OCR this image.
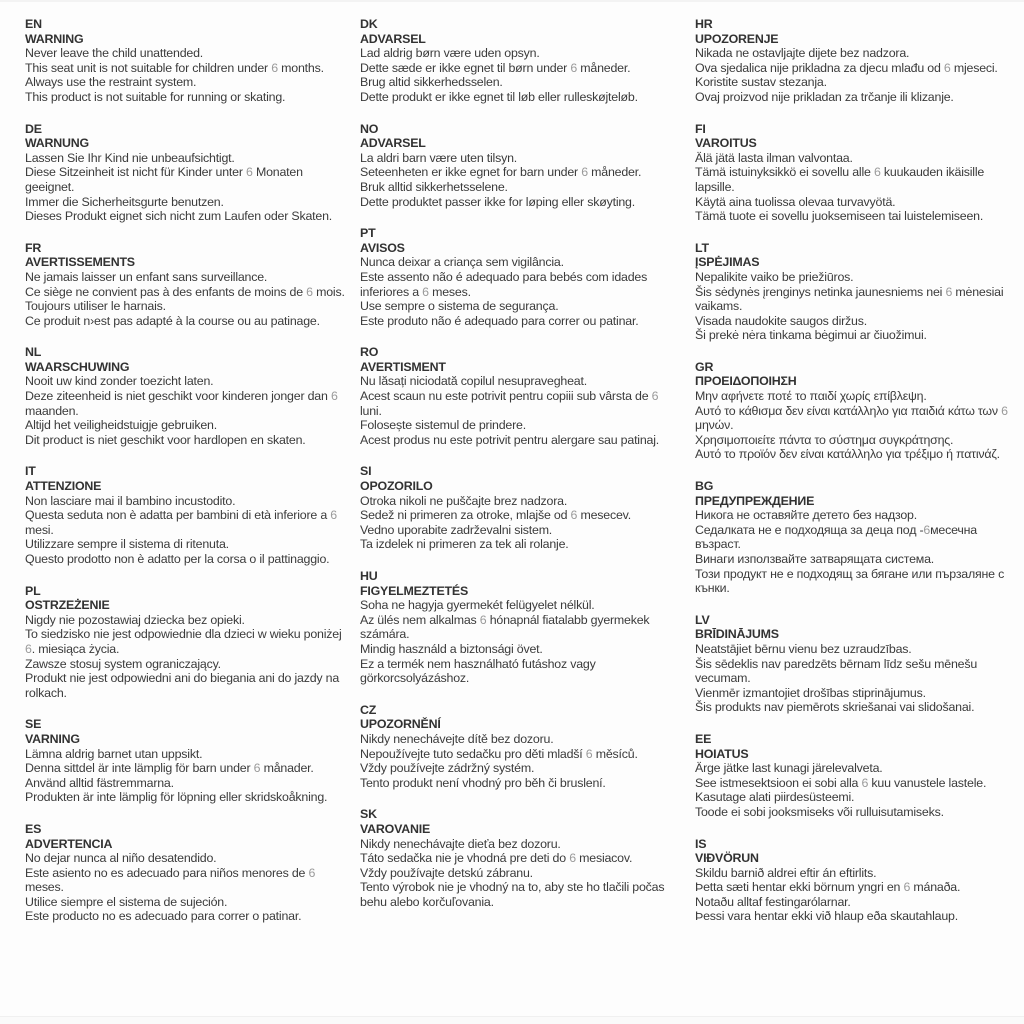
EN

WARNING

Never leave the child unattended.

This seat unit is not suitable for children under 6 months.

Always use the restraint system.

This product is not suitable for running or skating.

DE

WARNUNG

Lassen Sie Ihr Kind nie unbeaufsichtigt.

Diese Sitzeinheit ist nicht für Kinder unter 6 Monaten geeignet.

Immer die Sicherheitsgurte benutzen.

Dieses Produkt eignet sich nicht zum Laufen oder Skaten.

FR

AVERTISSEMENTS

Ne jamais laisser un enfant sans surveillance.

Ce siège ne convient pas à des enfants de moins de 6 mois.

Toujours utiliser le harnais.

Ce produit n›est pas adapté à la course ou au patinage.

NL

WAARSCHUWING

Nooit uw kind zonder toezicht laten.

Deze ziteenheid is niet geschikt voor kinderen jonger dan 6 maanden.

Altijd het veiligheidstuigje gebruiken.

Dit product is niet geschikt voor hardlopen en skaten.

IT

ATTENZIONE

Non lasciare mai il bambino incustodito.

Questa seduta non è adatta per bambini di età inferiore a 6 mesi.

Utilizzare sempre il sistema di ritenuta.

Questo prodotto non è adatto per la corsa o il pattinaggio.

PL

OSTRZEŻENIE

Nigdy nie pozostawiaj dziecka bez opieki.

To siedzisko nie jest odpowiednie dla dzieci w wieku poniżej 6. miesiąca życia.

Zawsze stosuj system ograniczający.

Produkt nie jest odpowiedni ani do biegania ani do jazdy na rolkach.

SE

VARNING

Lämna aldrig barnet utan uppsikt.

Denna sittdel är inte lämplig för barn under 6 månader.

Använd alltid fästremmarna.

Produkten är inte lämplig för löpning eller skridskoåkning.

ES

ADVERTENCIA

No dejar nunca al niño desatendido.

Este asiento no es adecuado para niños menores de 6 meses.

Utilice siempre el sistema de sujeción.

Este producto no es adecuado para correr o patinar.

DK

ADVARSEL

Lad aldrig børn være uden opsyn.

Dette sæde er ikke egnet til børn under 6 måneder.

Brug altid sikkerhedsselen.

Dette produkt er ikke egnet til løb eller rulleskøjteløb.

NO

ADVARSEL

La aldri barn være uten tilsyn.

Seteenheten er ikke egnet for barn under 6 måneder.

Bruk alltid sikkerhetsselene.

Dette produktet passer ikke for løping eller skøyting.

PT

AVISOS

Nunca deixar a criança sem vigilância.

Este assento não é adequado para bebés com idades inferiores a 6 meses.

Use sempre o sistema de segurança.

Este produto não é adequado para correr ou patinar.

RO

AVERTISMENT

Nu lăsați niciodată copilul nesupravegheat.

Acest scaun nu este potrivit pentru copiii sub vârsta de 6 luni.

Folosește sistemul de prindere.

Acest produs nu este potrivit pentru alergare sau patinaj.

SI

OPOZORILO

Otroka nikoli ne puščajte brez nadzora.

Sedež ni primeren za otroke, mlajše od 6 mesecev.

Vedno uporabite zadrževalni sistem.

Ta izdelek ni primeren za tek ali rolanje.

HU

FIGYELMEZTETÉS

Soha ne hagyja gyermekét felügyelet nélkül.

Az ülés nem alkalmas 6 hónapnál fiatalabb gyermekek számára.

Mindig használd a biztonsági övet.

Ez a termék nem használható futáshoz vagy görkorcsolyázáshoz.

CZ

UPOZORNĚNÍ

Nikdy nenechávejte dítě bez dozoru.

Nepoužívejte tuto sedačku pro děti mladší 6 měsíců.

Vždy používejte zádržný systém.

Tento produkt není vhodný pro běh či bruslení.

SK

VAROVANIE

Nikdy nenechávajte dieťa bez dozoru.

Táto sedačka nie je vhodná pre deti do 6 mesiacov.

Vždy používajte detskú zábranu.

Tento výrobok nie je vhodný na to, aby ste ho tlačili počas behu alebo korčuľovania.

HR

UPOZORENJE

Nikada ne ostavljajte dijete bez nadzora.

Ova sjedalica nije prikladna za djecu mlađu od 6 mjeseci.

Koristite sustav stezanja.

Ovaj proizvod nije prikladan za trčanje ili klizanje.

FI

VAROITUS

Älä jätä lasta ilman valvontaa.

Tämä istuinyksikkö ei sovellu alle 6 kuukauden ikäisille lapsille.

Käytä aina tuolissa olevaa turvavyötä.

Tämä tuote ei sovellu juoksemiseen tai luistelemiseen.

LT

ĮSPĖJIMAS

Nepalikite vaiko be priežiūros.

Šis sėdynės įrenginys netinka jaunesniems nei 6 mėnesiai vaikams.

Visada naudokite saugos diržus.

Ši prekė nėra tinkama bėgimui ar čiuožimui.

GR

ΠΡΟΕΙΔΟΠΟΙΗΣΗ

Μην αφήνετε ποτέ το παιδί χωρίς επίβλεψη.

Αυτό το κάθισμα δεν είναι κατάλληλο για παιδιά κάτω των 6 μηνών.

Χρησιμοποιείτε πάντα το σύστημα συγκράτησης.

Αυτό το προϊόν δεν είναι κατάλληλο για τρέξιμο ή πατινάζ.

BG

ПРЕДУПРЕЖДЕНИЕ

Никога не оставяйте детето без надзор.

Седалката не е подходяща за деца под -6месечна възраст.

Винаги използвайте затварящата система.

Този продукт не е подходящ за бягане или пързаляне с кънки.

LV

BRĪDINĀJUMS

Neatstājiet bērnu vienu bez uzraudzības.

Šis sēdeklis nav paredzēts bērnam līdz sešu mēnešu vecumam.

Vienmēr izmantojiet drošības stiprinājumus.

Šis produkts nav piemērots skriešanai vai slidošanai.

EE

HOIATUS

Ärge jätke last kunagi järelevalveta.

See istmesektsioon ei sobi alla 6 kuu vanustele lastele.

Kasutage alati piirdesüsteemi.

Toode ei sobi jooksmiseks või rulluisutamiseks.

IS

VIÐVÖRUN

Skildu barnið aldrei eftir án eftirlits.

Þetta sæti hentar ekki börnum yngri en 6 mánaða.

Notaðu alltaf festingarólarnar.

Þessi vara hentar ekki við hlaup eða skautahlaup.
